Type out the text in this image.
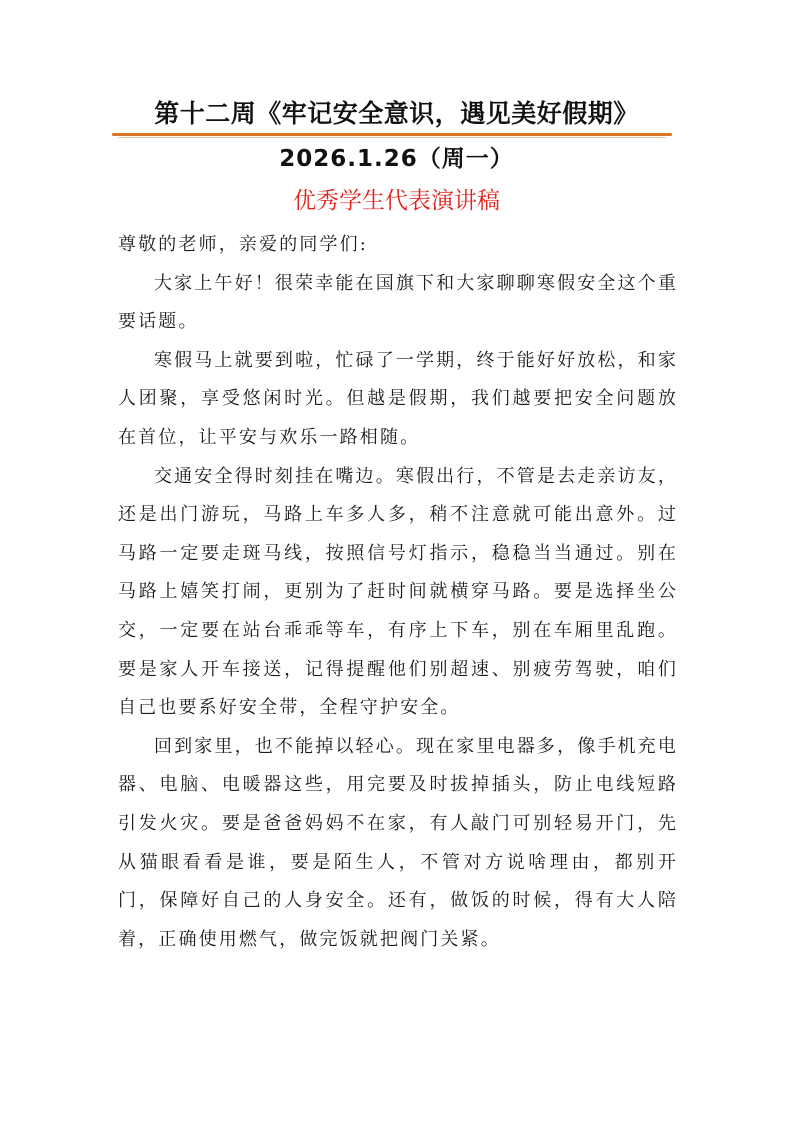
第十二周《牢记安全意识，遇见美好假期》
2026.1.26（周一）
优秀学生代表演讲稿

尊敬的老师，亲爱的同学们:

大家上午好！很荣幸能在国旗下和大家聊聊寒假安全这个重要话题。

寒假马上就要到啦，忙碌了一学期，终于能好好放松，和家人团聚，享受悠闲时光。但越是假期，我们越要把安全问题放在首位，让平安与欢乐一路相随。

交通安全得时刻挂在嘴边。寒假出行，不管是去走亲访友，还是出门游玩，马路上车多人多，稍不注意就可能出意外。过马路一定要走斑马线，按照信号灯指示，稳稳当当通过。别在马路上嬉笑打闹，更别为了赶时间就横穿马路。要是选择坐公交，一定要在站台乖乖等车，有序上下车，别在车厢里乱跑。要是家人开车接送，记得提醒他们别超速、别疲劳驾驶，咱们自己也要系好安全带，全程守护安全。

回到家里，也不能掉以轻心。现在家里电器多，像手机充电器、电脑、电暖器这些，用完要及时拔掉插头，防止电线短路引发火灾。要是爸爸妈妈不在家，有人敲门可别轻易开门，先从猫眼看看是谁，要是陌生人，不管对方说啥理由，都别开门，保障好自己的人身安全。还有，做饭的时候，得有大人陪着，正确使用燃气，做完饭就把阀门关紧。
